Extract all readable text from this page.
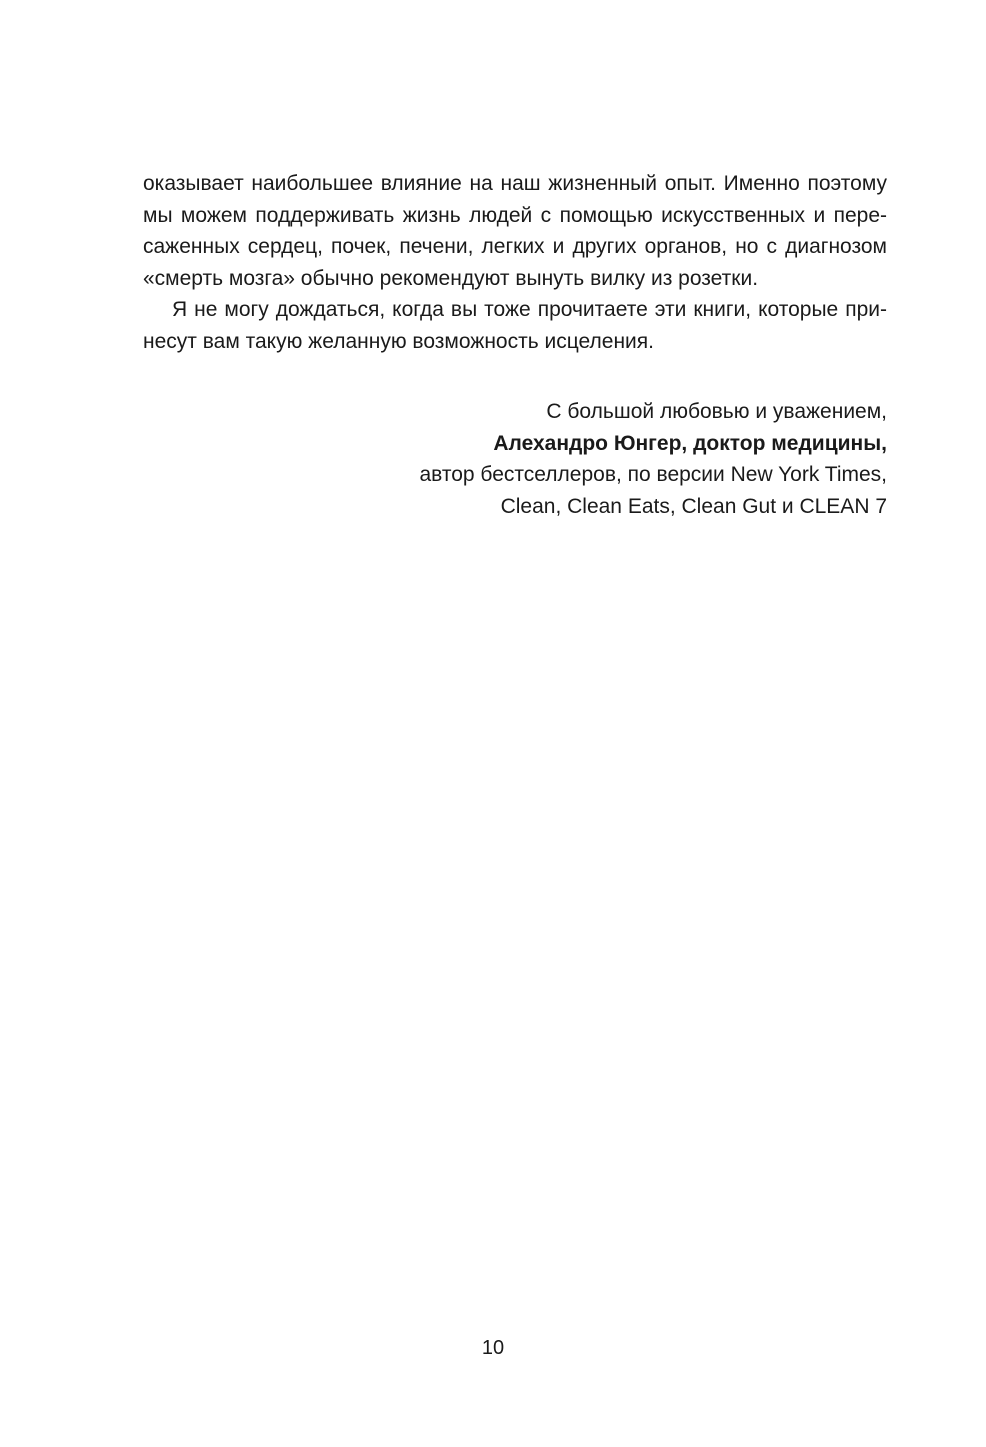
оказывает наибольшее влияние на наш жизненный опыт. Именно поэтому
мы можем поддерживать жизнь людей с помощью искусственных и пере-
саженных сердец, почек, печени, легких и других органов, но с диагнозом
«смерть мозга» обычно рекомендуют вынуть вилку из розетки.
Я не могу дождаться, когда вы тоже прочитаете эти книги, которые при-
несут вам такую желанную возможность исцеления.
С большой любовью и уважением,
Алехандро Юнгер, доктор медицины,
автор бестселлеров, по версии New York Times,
Clean, Clean Eats, Clean Gut и CLEAN 7
10
